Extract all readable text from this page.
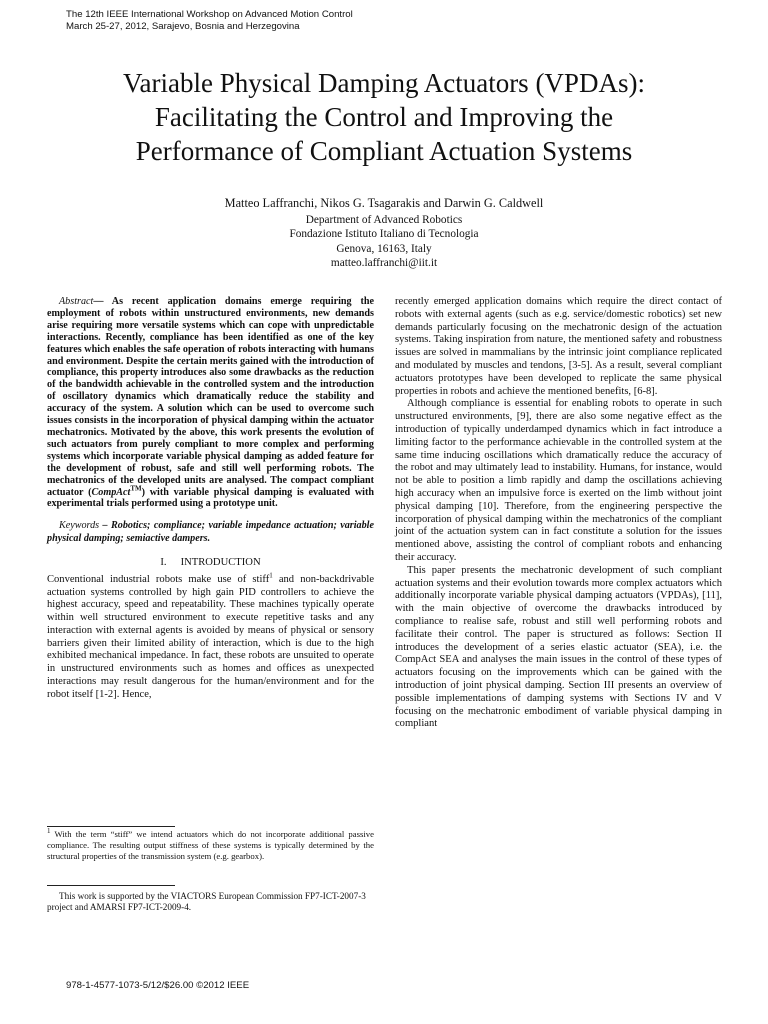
The 12th IEEE International Workshop on Advanced Motion Control
March 25-27, 2012, Sarajevo, Bosnia and Herzegovina
Variable Physical Damping Actuators (VPDAs):
Facilitating the Control and Improving the
Performance of Compliant Actuation Systems
Matteo Laffranchi, Nikos G. Tsagarakis and Darwin G. Caldwell
Department of Advanced Robotics
Fondazione Istituto Italiano di Tecnologia
Genova, 16163, Italy
matteo.laffranchi@iit.it

Abstract— As recent application domains emerge requiring the employment of robots within unstructured environments, new demands arise requiring more versatile systems which can cope with unpredictable interactions. Recently, compliance has been identified as one of the key features which enables the safe operation of robots interacting with humans and environment. Despite the certain merits gained with the introduction of compliance, this property introduces also some drawbacks as the reduction of the bandwidth achievable in the controlled system and the introduction of oscillatory dynamics which dramatically reduce the stability and accuracy of the system. A solution which can be used to overcome such issues consists in the incorporation of physical damping within the actuator mechatronics. Motivated by the above, this work presents the evolution of such actuators from purely compliant to more complex and performing systems which incorporate variable physical damping as added feature for the development of robust, safe and still well performing robots. The mechatronics of the developed units are analysed. The compact compliant actuator (CompAct™) with variable physical damping is evaluated with experimental trials performed using a prototype unit.

Keywords – Robotics; compliance; variable impedance actuation; variable physical damping; semiactive dampers.

I. INTRODUCTION

Conventional industrial robots make use of stiff$^1$ and non-backdrivable actuation systems controlled by high gain PID controllers to achieve the highest accuracy, speed and repeatability. These machines typically operate within well structured environment to execute repetitive tasks and any interaction with external agents is avoided by means of physical or sensory barriers given their limited ability of interaction, which is due to the high exhibited mechanical impedance. In fact, these robots are unsuited to operate in unstructured environments such as homes and offices as unexpected interactions may result dangerous for the human/environment and for the robot itself [1-2]. Hence,

recently emerged application domains which require the direct contact of robots with external agents (such as e.g. service/domestic robotics) set new demands particularly focusing on the mechatronic design of the actuation systems. Taking inspiration from nature, the mentioned safety and robustness issues are solved in mammalians by the intrinsic joint compliance replicated and modulated by muscles and tendons, [3-5]. As a result, several compliant actuators prototypes have been developed to replicate the same physical properties in robots and achieve the mentioned benefits, [6-8].

Although compliance is essential for enabling robots to operate in such unstructured environments, [9], there are also some negative effect as the introduction of typically underdamped dynamics which in fact introduce a limiting factor to the performance achievable in the controlled system at the same time inducing oscillations which dramatically reduce the accuracy of the robot and may ultimately lead to instability. Humans, for instance, would not be able to position a limb rapidly and damp the oscillations achieving high accuracy when an impulsive force is exerted on the limb without joint physical damping [10]. Therefore, from the engineering perspective the incorporation of physical damping within the mechatronics of the compliant joint of the actuation system can in fact constitute a solution for the issues mentioned above, assisting the control of compliant robots and enhancing their accuracy.

This paper presents the mechatronic development of such compliant actuation systems and their evolution towards more complex actuators which additionally incorporate variable physical damping actuators (VPDAs), [11], with the main objective of overcome the drawbacks introduced by compliance to realise safe, robust and still well performing robots and facilitate their control. The paper is structured as follows: Section II introduces the development of a series elastic actuator (SEA), i.e. the CompAct SEA and analyses the main issues in the control of these types of actuators focusing on the improvements which can be gained with the introduction of joint physical damping. Section III presents an overview of possible implementations of damping systems with Sections IV and V focusing on the mechatronic embodiment of variable physical damping in compliant

$^1$ With the term “stiff” we intend actuators which do not incorporate additional passive compliance. The resulting output stiffness of these systems is typically determined by the structural properties of the transmission system (e.g. gearbox).
This work is supported by the VIACTORS European Commission FP7-ICT-2007-3 project and AMARSI FP7-ICT-2009-4.
978-1-4577-1073-5/12/$26.00 ©2012 IEEE
